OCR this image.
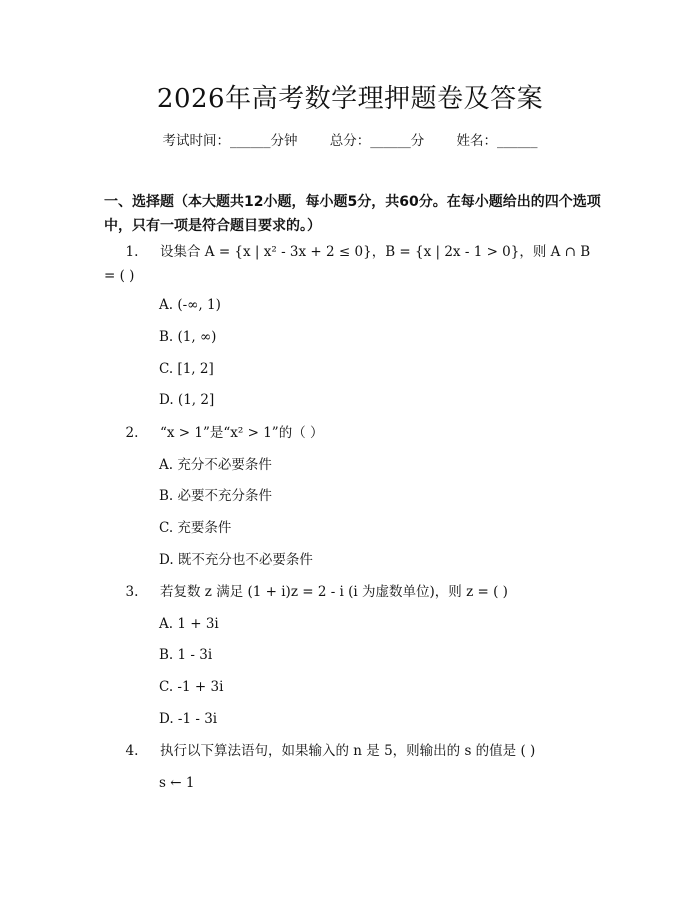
2026年高考数学理押题卷及答案
考试时间：______分钟 总分：______分 姓名：______
一、选择题（本大题共12小题，每小题5分，共60分。在每小题给出的四个选项中，只有一项是符合题目要求的。）
1. 设集合 A = {x | x² - 3x + 2 ≤ 0}，B = {x | 2x - 1 > 0}，则 A ∩ B = ( )
A. (-∞, 1)
B. (1, ∞)
C. [1, 2]
D. (1, 2]
2. “x > 1”是“x² > 1”的（ ）
A. 充分不必要条件
B. 必要不充分条件
C. 充要条件
D. 既不充分也不必要条件
3. 若复数 z 满足 (1 + i)z = 2 - i (i 为虚数单位)，则 z = ( )
A. 1 + 3i
B. 1 - 3i
C. -1 + 3i
D. -1 - 3i
4. 执行以下算法语句，如果输入的 n 是 5，则输出的 s 的值是 ( )
s ← 1
